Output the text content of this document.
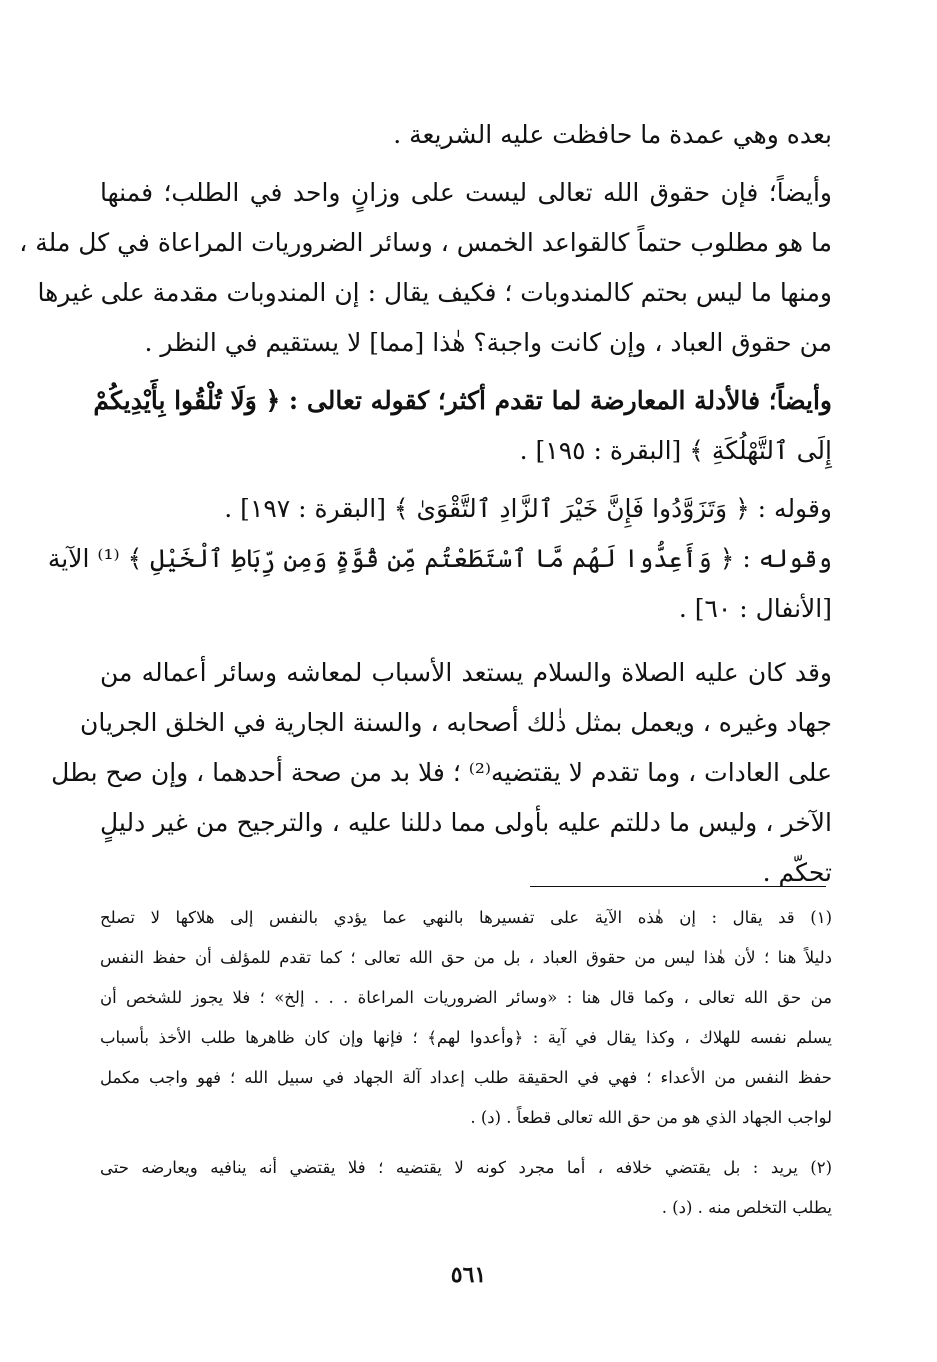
بعده وهي عمدة ما حافظت عليه الشريعة .
وأيضاً؛ فإن حقوق الله تعالى ليست على وزانٍ واحد في الطلب؛ فمنها
ما هو مطلوب حتماً كالقواعد الخمس ، وسائر الضروريات المراعاة في كل ملة ،
ومنها ما ليس بحتم كالمندوبات ؛ فكيف يقال : إن المندوبات مقدمة على غيرها
من حقوق العباد ، وإن كانت واجبة؟ هٰذا [مما] لا يستقيم في النظر .
وأيضاً؛ فالأدلة المعارضة لما تقدم أكثر؛ كقوله تعالى : ﴿ وَلَا تُلْقُوا بِأَيْدِيكُمْ
إِلَى ٱلتَّهْلُكَةِ ﴾ [البقرة : ١٩٥] .
وقوله : ﴿ وَتَزَوَّدُوا فَإِنَّ خَيْرَ ٱلزَّادِ ٱلتَّقْوَىٰ ﴾ [البقرة : ١٩٧] .
وقوله : ﴿ وَأَعِدُّوا لَهُم مَّا ٱسْتَطَعْتُم مِّن قُوَّةٍ وَمِن رِّبَاطِ ٱلْخَيْلِ ﴾ ⁽¹⁾ الآية
[الأنفال : ٦٠] .
وقد كان عليه الصلاة والسلام يستعد الأسباب لمعاشه وسائر أعماله من
جهاد وغيره ، ويعمل بمثل ذٰلك أصحابه ، والسنة الجارية في الخلق الجريان
على العادات ، وما تقدم لا يقتضيه⁽²⁾ ؛ فلا بد من صحة أحدهما ، وإن صح بطل
الآخر ، وليس ما دللتم عليه بأولى مما دللنا عليه ، والترجيح من غير دليلٍ
تحكّم .
(١) قد يقال : إن هٰذه الآية على تفسيرها بالنهي عما يؤدي بالنفس إلى هلاكها لا تصلح
دليلاً هنا ؛ لأن هٰذا ليس من حقوق العباد ، بل من حق الله تعالى ؛ كما تقدم للمؤلف أن حفظ النفس
من حق الله تعالى ، وكما قال هنا : «وسائر الضروريات المراعاة . . . إلخ» ؛ فلا يجوز للشخص أن
يسلم نفسه للهلاك ، وكذا يقال في آية : ﴿وأعدوا لهم﴾ ؛ فإنها وإن كان ظاهرها طلب الأخذ بأسباب
حفظ النفس من الأعداء ؛ فهي في الحقيقة طلب إعداد آلة الجهاد في سبيل الله ؛ فهو واجب مكمل
لواجب الجهاد الذي هو من حق الله تعالى قطعاً . (د) .
(٢) يريد : بل يقتضي خلافه ، أما مجرد كونه لا يقتضيه ؛ فلا يقتضي أنه ينافيه ويعارضه حتى
يطلب التخلص منه . (د) .
٥٦١
